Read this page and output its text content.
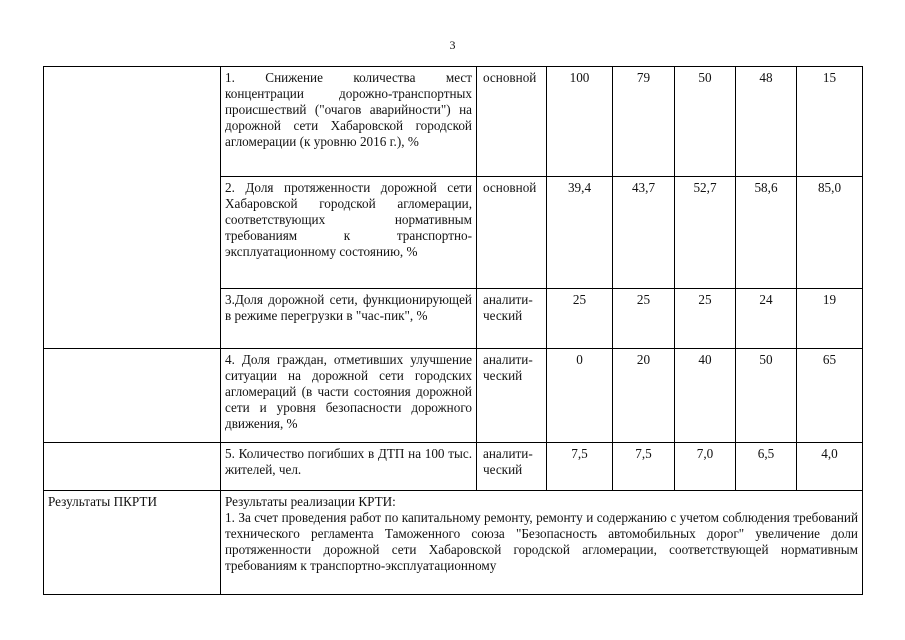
3
	1. Снижение количества мест концентрации дорожно-транспортных происшествий ("очагов аварийности") на дорожной сети Хабаровской городской агломерации (к уровню 2016 г.), %	основной	100	79	50	48	15
	2. Доля протяженности дорожной сети Хабаровской городской агломерации, соответствующих нормативным требованиям к транспортно-эксплуатационному состоянию, %	основной	39,4	43,7	52,7	58,6	85,0
	3.Доля дорожной сети, функционирующей в режиме перегрузки в "час-пик", %	аналити-ческий	25	25	25	24	19
	4. Доля граждан, отметивших улучшение ситуации на дорожной сети городских агломераций (в части состояния дорожной сети и уровня безопасности дорожного движения, %	аналити-ческий	0	20	40	50	65
	5. Количество погибших в ДТП на 100 тыс. жителей, чел.	аналити-ческий	7,5	7,5	7,0	6,5	4,0
Результаты ПКРТИ	Результаты реализации КРТИ:

1. За счет проведения работ по капитальному ремонту, ремонту и содержанию с учетом соблюдения требований технического регламента Таможенного союза "Безопасность автомобильных дорог" увеличение доли протяженности дорожной сети Хабаровской городской агломерации, соответствующей нормативным требованиям к транспортно-эксплуатационному						
